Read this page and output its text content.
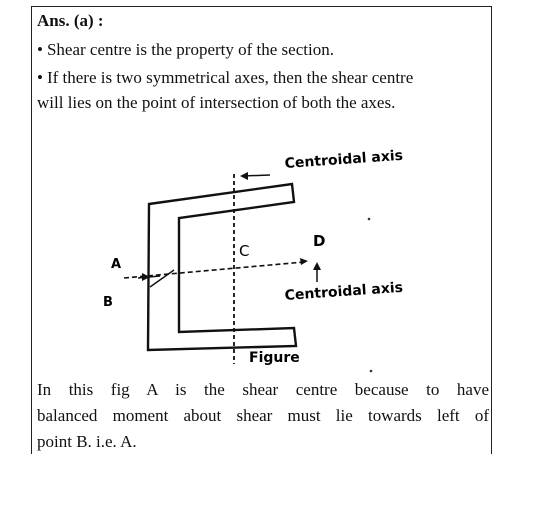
Ans. (a) :
• Shear centre is the property of the section.
• If there is two symmetrical axes, then the shear centre
will lies on the point of intersection of both the axes.
Centroidal axis
C
D
A
B	Centroidal axis
Figure
In this fig A is the shear centre because to have
balanced moment about shear must lie towards left of
point B. i.e. A.
